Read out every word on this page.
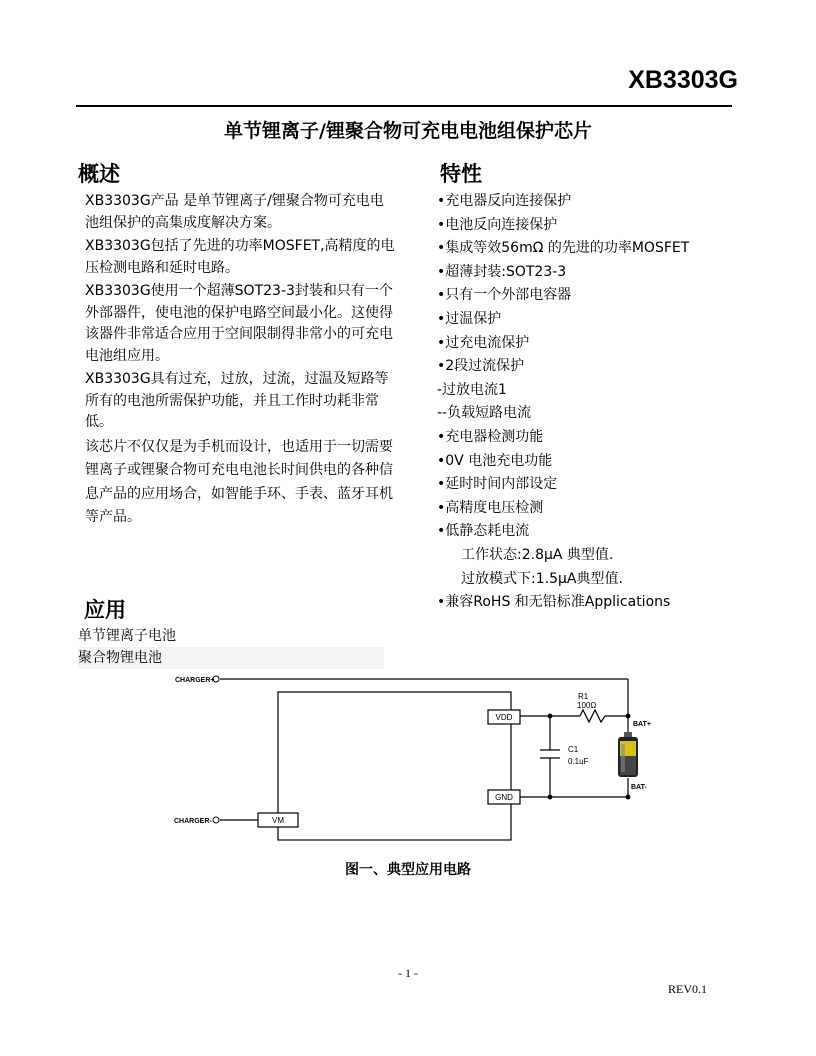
XB3303G
单节锂离子/锂聚合物可充电电池组保护芯片
概述

XB3303G产品 是单节锂离子/锂聚合物可充电电池组保护的高集成度解决方案。

XB3303G包括了先进的功率MOSFET,高精度的电压检测电路和延时电路。

XB3303G使用一个超薄SOT23-3封装和只有一个外部器件，使电池的保护电路空间最小化。这使得该器件非常适合应用于空间限制得非常小的可充电电池组应用。

XB3303G具有过充，过放，过流，过温及短路等所有的电池所需保护功能，并且工作时功耗非常低。

该芯片不仅仅是为手机而设计，也适用于一切需要锂离子或锂聚合物可充电电池长时间供电的各种信息产品的应用场合，如智能手环、手表、蓝牙耳机等产品。

特性
•充电器反向连接保护
•电池反向连接保护
•集成等效56mΩ 的先进的功率MOSFET
•超薄封装:SOT23-3
•只有一个外部电容器
•过温保护
•过充电流保护
•2段过流保护
-过放电流1
--负载短路电流
•充电器检测功能
•0V 电池充电功能
•延时时间内部设定
•高精度电压检测
•低静态耗电流
工作状态:2.8μA 典型值.
过放模式下:1.5μA典型值.
•兼容RoHS 和无铅标准Applications
应用
单节锂离子电池
聚合物锂电池
CHARGER+
CHARGER-
VDD
GND
VM
R1
100Ω
C1
0.1uF
BAT+
BAT-
图一、典型应用电路
- 1 -
REV0.1
